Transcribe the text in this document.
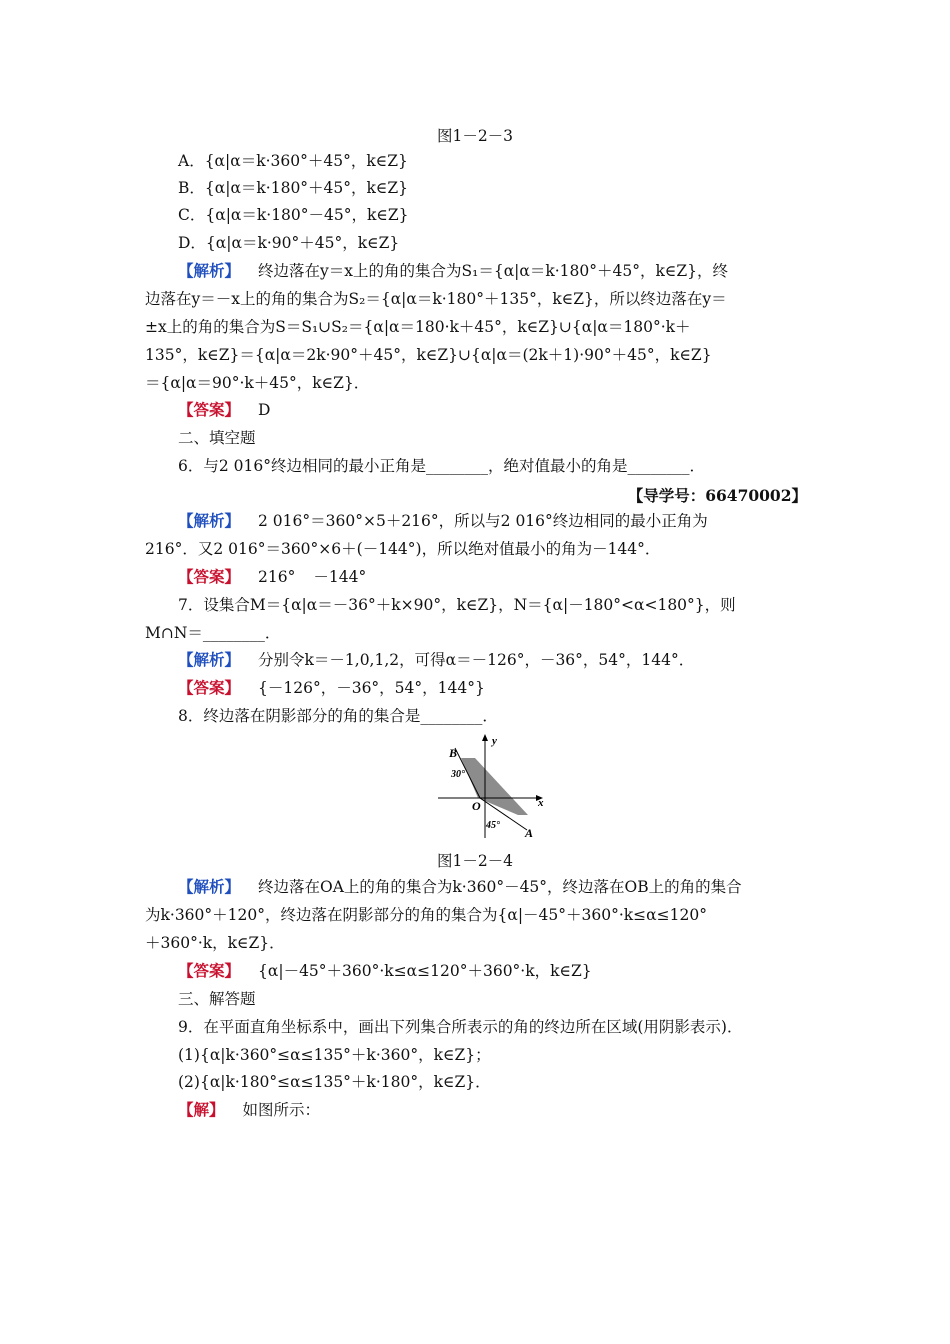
图1－2－3
A．{α|α＝k·360°＋45°，k∈Z}
B．{α|α＝k·180°＋45°，k∈Z}
C．{α|α＝k·180°－45°，k∈Z}
D．{α|α＝k·90°＋45°，k∈Z}
【解析】 终边落在y＝x上的角的集合为S₁＝{α|α＝k·180°＋45°，k∈Z}，终
边落在y＝－x上的角的集合为S₂＝{α|α＝k·180°＋135°，k∈Z}，所以终边落在y＝
±x上的角的集合为S＝S₁∪S₂＝{α|α＝180·k＋45°，k∈Z}∪{α|α＝180°·k＋
135°，k∈Z}＝{α|α＝2k·90°＋45°，k∈Z}∪{α|α＝(2k＋1)·90°＋45°，k∈Z}
＝{α|α＝90°·k＋45°，k∈Z}．
【答案】 D
二、填空题
6．与2 016°终边相同的最小正角是________，绝对值最小的角是________．
【导学号：66470002】
【解析】 2 016°＝360°×5＋216°，所以与2 016°终边相同的最小正角为
216°．又2 016°＝360°×6＋(－144°)，所以绝对值最小的角为－144°．
【答案】 216° －144°
7．设集合M＝{α|α＝－36°＋k×90°，k∈Z}，N＝{α|－180°<α<180°}，则
M∩N＝________．
【解析】 分别令k＝－1,0,1,2，可得α＝－126°，－36°，54°，144°．
【答案】 {－126°，－36°，54°，144°}
8．终边落在阴影部分的角的集合是________．
B
y
30°
O	x
45°
A
图1－2－4
【解析】 终边落在OA上的角的集合为k·360°－45°，终边落在OB上的角的集合
为k·360°＋120°，终边落在阴影部分的角的集合为{α|－45°＋360°·k≤α≤120°
＋360°·k，k∈Z}．
【答案】 {α|－45°＋360°·k≤α≤120°＋360°·k，k∈Z}
三、解答题
9．在平面直角坐标系中，画出下列集合所表示的角的终边所在区域(用阴影表示)．
(1){α|k·360°≤α≤135°＋k·360°，k∈Z}；
(2){α|k·180°≤α≤135°＋k·180°，k∈Z}．
【解】 如图所示：
